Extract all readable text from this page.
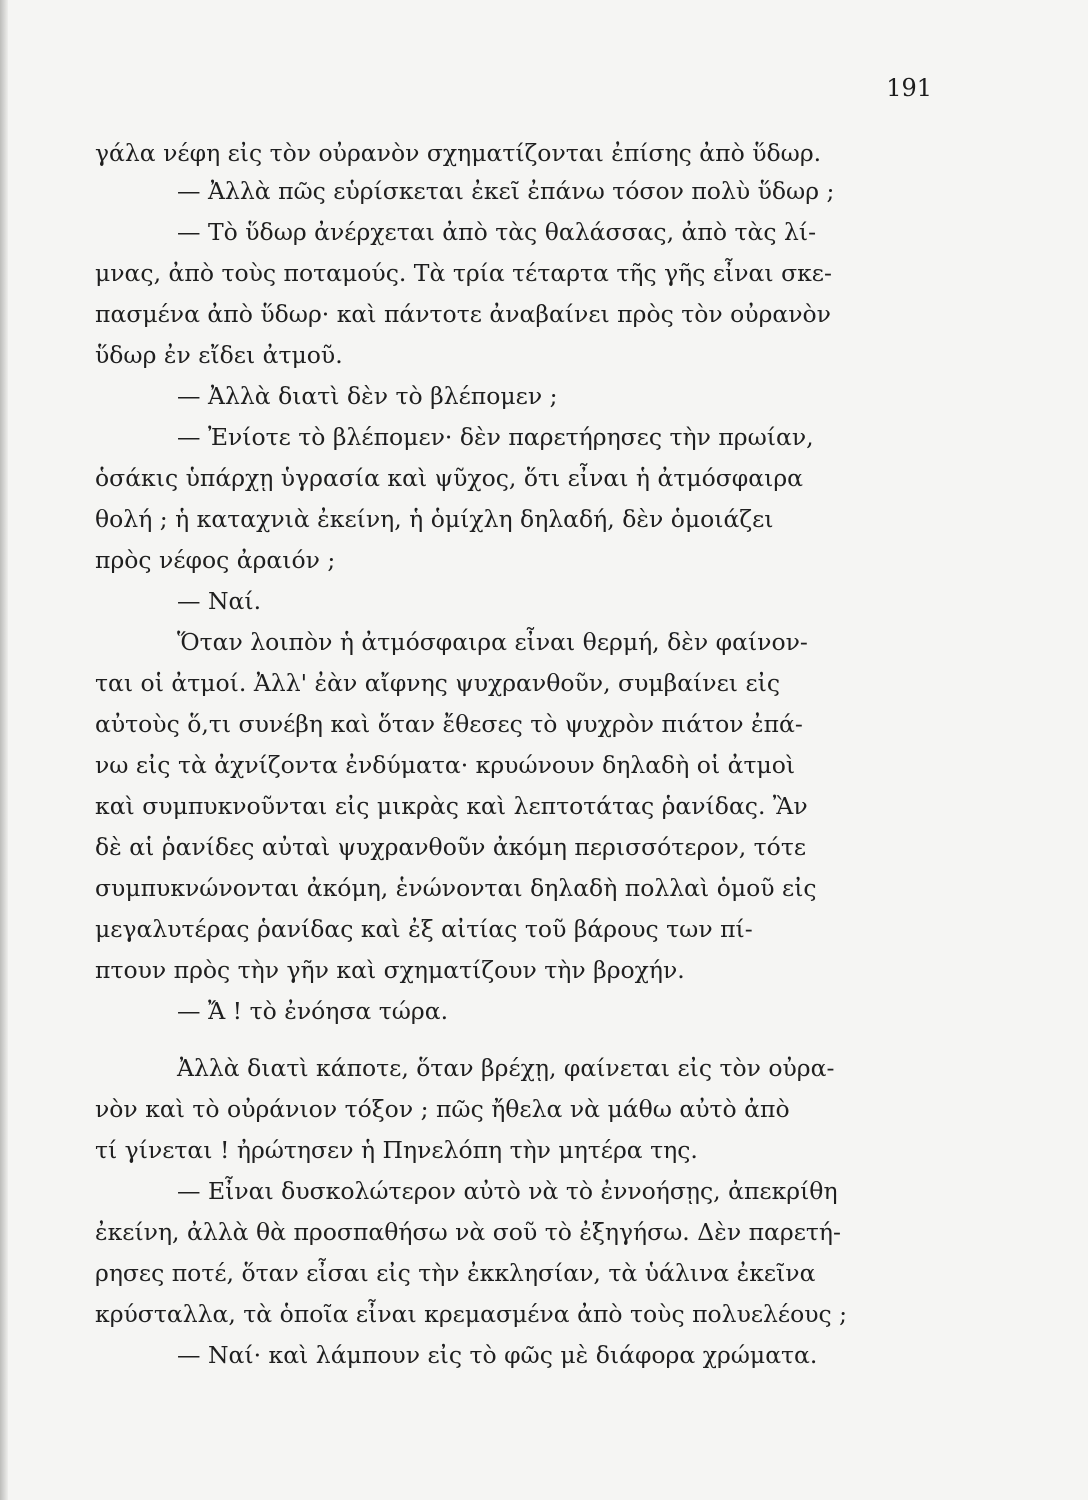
191
γάλα νέφη εἰς τὸν οὐρανὸν σχηματίζονται ἐπίσης ἀπὸ ὕδωρ.
— Ἀλλὰ πῶς εὑρίσκεται ἐκεῖ ἐπάνω τόσον πολὺ ὕδωρ ;
— Τὸ ὕδωρ ἀνέρχεται ἀπὸ τὰς θαλάσσας, ἀπὸ τὰς λί-
μνας, ἀπὸ τοὺς ποταμούς. Τὰ τρία τέταρτα τῆς γῆς εἶναι σκε-
πασμένα ἀπὸ ὕδωρ· καὶ πάντοτε ἀναβαίνει πρὸς τὸν οὐρανὸν
ὕδωρ ἐν εἴδει ἀτμοῦ.
— Ἀλλὰ διατὶ δὲν τὸ βλέπομεν ;
— Ἐνίοτε τὸ βλέπομεν· δὲν παρετήρησες τὴν πρωίαν,
ὁσάκις ὑπάρχῃ ὑγρασία καὶ ψῦχος, ὅτι εἶναι ἡ ἀτμόσφαιρα
θολή ; ἡ καταχνιὰ ἐκείνη, ἡ ὁμίχλη δηλαδή, δὲν ὁμοιάζει
πρὸς νέφος ἀραιόν ;
— Ναί.
Ὅταν λοιπὸν ἡ ἀτμόσφαιρα εἶναι θερμή, δὲν φαίνον-
ται οἱ ἀτμοί. Ἀλλ' ἐὰν αἴφνης ψυχρανθοῦν, συμβαίνει εἰς
αὐτοὺς ὅ,τι συνέβη καὶ ὅταν ἔθεσες τὸ ψυχρὸν πιάτον ἐπά-
νω εἰς τὰ ἀχνίζοντα ἐνδύματα· κρυώνουν δηλαδὴ οἱ ἀτμοὶ
καὶ συμπυκνοῦνται εἰς μικρὰς καὶ λεπτοτάτας ῥανίδας. Ἂν
δὲ αἱ ῥανίδες αὐταὶ ψυχρανθοῦν ἀκόμη περισσότερον, τότε
συμπυκνώνονται ἀκόμη, ἑνώνονται δηλαδὴ πολλαὶ ὁμοῦ εἰς
μεγαλυτέρας ῥανίδας καὶ ἐξ αἰτίας τοῦ βάρους των πί-
πτουν πρὸς τὴν γῆν καὶ σχηματίζουν τὴν βροχήν.
— Ἄ ! τὸ ἐνόησα τώρα.
Ἀλλὰ διατὶ κάποτε, ὅταν βρέχῃ, φαίνεται εἰς τὸν οὐρα-
νὸν καὶ τὸ οὐράνιον τόξον ; πῶς ἤθελα νὰ μάθω αὐτὸ ἀπὸ
τί γίνεται ! ἠρώτησεν ἡ Πηνελόπη τὴν μητέρα της.
— Εἶναι δυσκολώτερον αὐτὸ νὰ τὸ ἐννοήσῃς, ἀπεκρίθη
ἐκείνη, ἀλλὰ θὰ προσπαθήσω νὰ σοῦ τὸ ἐξηγήσω. Δὲν παρετή-
ρησες ποτέ, ὅταν εἶσαι εἰς τὴν ἐκκλησίαν, τὰ ὑάλινα ἐκεῖνα
κρύσταλλα, τὰ ὁποῖα εἶναι κρεμασμένα ἀπὸ τοὺς πολυελέους ;
— Ναί· καὶ λάμπουν εἰς τὸ φῶς μὲ διάφορα χρώματα.
